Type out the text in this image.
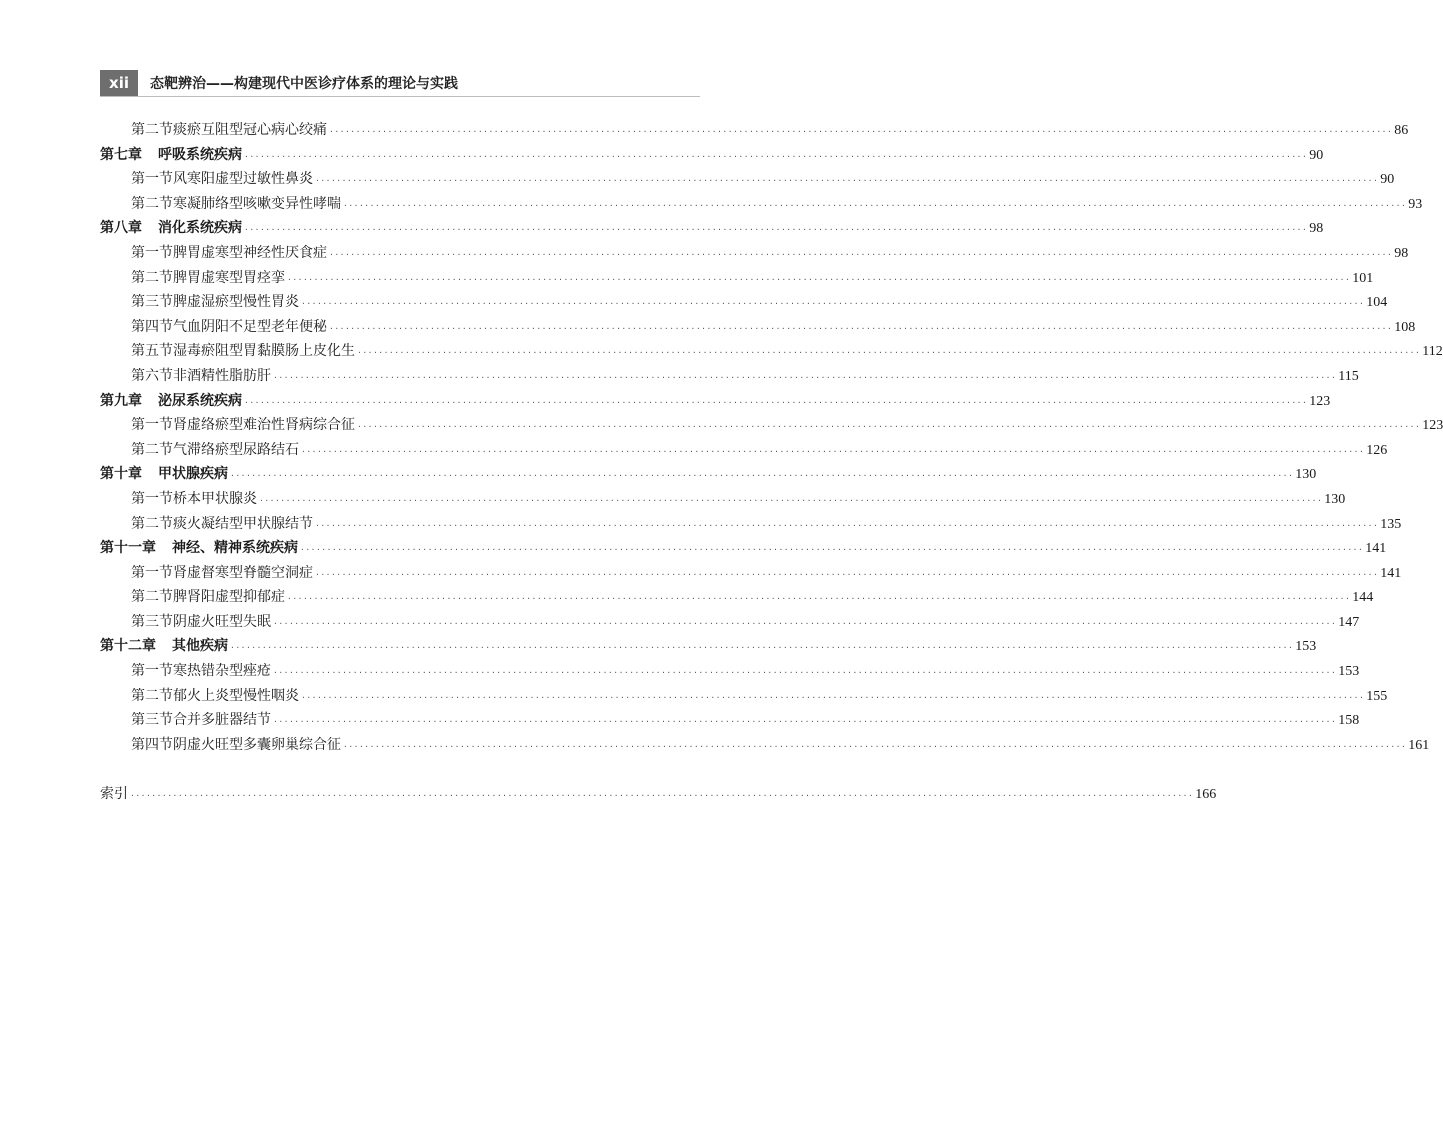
xii	态靶辨治——构建现代中医诊疗体系的理论与实践
第二节 痰瘀互阻型冠心病心绞痛 ········································································································································································································ 86
第七章 呼吸系统疾病 ········································································································································································································ 90
第一节 风寒阳虚型过敏性鼻炎 ········································································································································································································ 90
第二节 寒凝肺络型咳嗽变异性哮喘 ········································································································································································································ 93
第八章 消化系统疾病 ········································································································································································································ 98
第一节 脾胃虚寒型神经性厌食症 ········································································································································································································ 98
第二节 脾胃虚寒型胃痉挛 ········································································································································································································ 101
第三节 脾虚湿瘀型慢性胃炎 ········································································································································································································ 104
第四节 气血阴阳不足型老年便秘 ········································································································································································································ 108
第五节 湿毒瘀阻型胃黏膜肠上皮化生 ········································································································································································································ 112
第六节 非酒精性脂肪肝 ········································································································································································································ 115
第九章 泌尿系统疾病 ········································································································································································································ 123
第一节 肾虚络瘀型难治性肾病综合征 ········································································································································································································ 123
第二节 气滞络瘀型尿路结石 ········································································································································································································ 126
第十章 甲状腺疾病 ········································································································································································································ 130
第一节 桥本甲状腺炎 ········································································································································································································ 130
第二节 痰火凝结型甲状腺结节 ········································································································································································································ 135
第十一章 神经、精神系统疾病 ········································································································································································································ 141
第一节 肾虚督寒型脊髓空洞症 ········································································································································································································ 141
第二节 脾肾阳虚型抑郁症 ········································································································································································································ 144
第三节 阴虚火旺型失眠 ········································································································································································································ 147
第十二章 其他疾病 ········································································································································································································ 153
第一节 寒热错杂型痤疮 ········································································································································································································ 153
第二节 郁火上炎型慢性咽炎 ········································································································································································································ 155
第三节 合并多脏器结节 ········································································································································································································ 158
第四节 阴虚火旺型多囊卵巢综合征 ········································································································································································································ 161
索引 ········································································································································································································ 166
